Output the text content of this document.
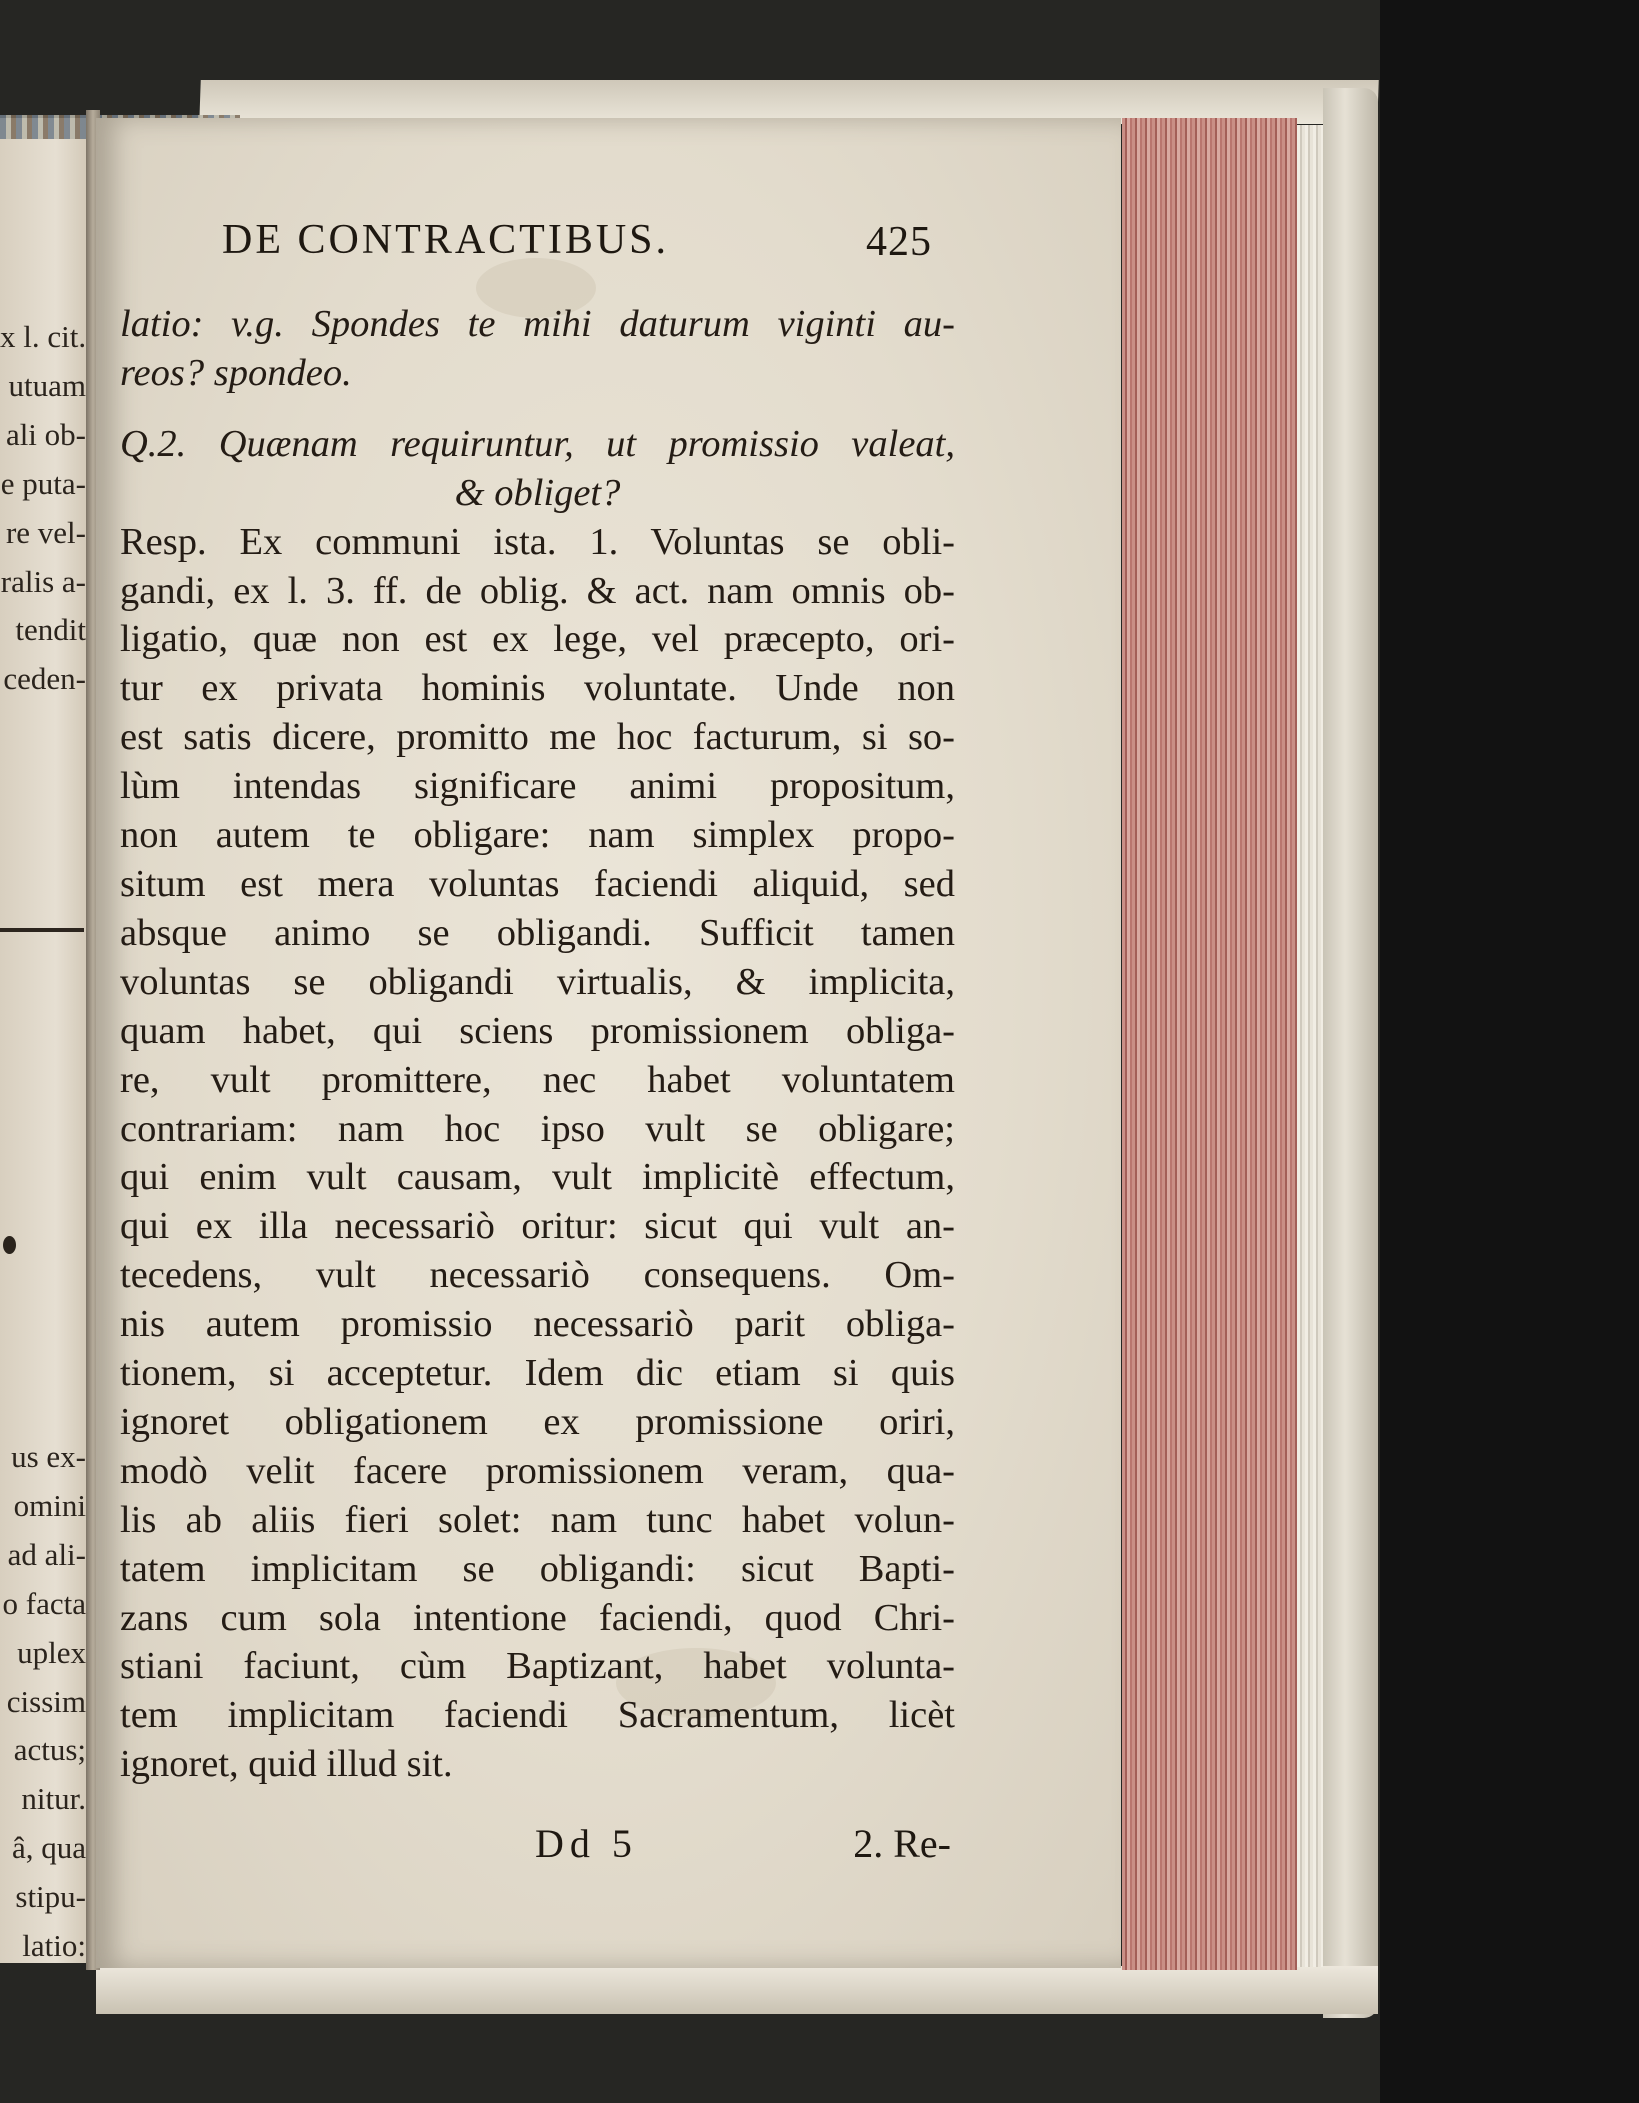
x l. cit.
utuam
ali ob-
e puta-
re vel-
ralis a-
tendit
ceden-
us ex-
omini
ad ali-
o facta
uplex
cissim
actus;
nitur.
â, qua
stipu-
latio:
DE CONTRACTIBUS.	425
latio: v.g. Spondes te mihi daturum viginti au-
reos? spondeo.
Q.2. Quænam requiruntur, ut promissio valeat,
& obliget?
Resp. Ex communi ista. 1. Voluntas se obli-
gandi, ex l. 3. ff. de oblig. & act. nam omnis ob-
ligatio, quæ non est ex lege, vel præcepto, ori-
tur ex privata hominis voluntate. Unde non
est satis dicere, promitto me hoc facturum, si so-
lùm intendas significare animi propositum,
non autem te obligare: nam simplex propo-
situm est mera voluntas faciendi aliquid, sed
absque animo se obligandi. Sufficit tamen
voluntas se obligandi virtualis, & implicita,
quam habet, qui sciens promissionem obliga-
re, vult promittere, nec habet voluntatem
contrariam: nam hoc ipso vult se obligare;
qui enim vult causam, vult implicitè effectum,
qui ex illa necessariò oritur: sicut qui vult an-
tecedens, vult necessariò consequens. Om-
nis autem promissio necessariò parit obliga-
tionem, si acceptetur. Idem dic etiam si quis
ignoret obligationem ex promissione oriri,
modò velit facere promissionem veram, qua-
lis ab aliis fieri solet: nam tunc habet volun-
tatem implicitam se obligandi: sicut Bapti-
zans cum sola intentione faciendi, quod Chri-
stiani faciunt, cùm Baptizant, habet volunta-
tem implicitam faciendi Sacramentum, licèt
ignoret, quid illud sit.
Dd 5	2. Re-
